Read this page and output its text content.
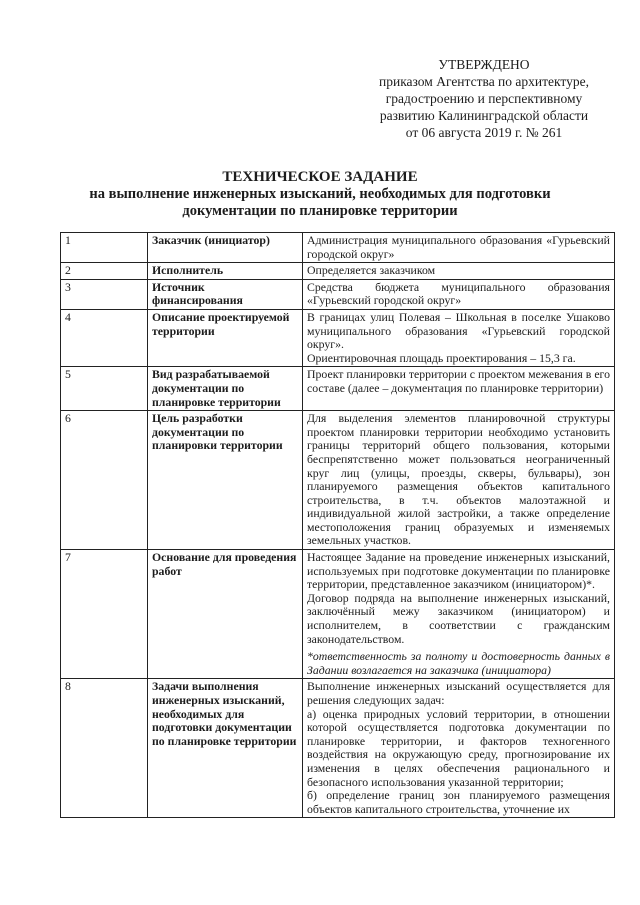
УТВЕРЖДЕНО
приказом Агентства по архитектуре,
градостроению и перспективному
развитию Калининградской области
от 06 августа 2019 г. № 261
ТЕХНИЧЕСКОЕ ЗАДАНИЕ
на выполнение инженерных изысканий, необходимых для подготовки
документации по планировке территории
1	Заказчик (инициатор)	Администрация муниципального образования «Гурьевский городской округ»

2	Исполнитель	Определяется заказчиком

3	Источник финансирования	Средства бюджета муниципального образования «Гурьевский городской округ»

4	Описание проектируемой территории	В границах улиц Полевая – Школьная в поселке Ушаково муниципального образования «Гурьевский городской округ».

Ориентировочная площадь проектирования – 15,3 га.

5	Вид разрабатываемой документации по планировке территории	Проект планировки территории с проектом межевания в его составе (далее – документация по планировке территории)

6	Цель разработки документации по планировки территории	Для выделения элементов планировочной структуры проектом планировки территории необходимо установить границы территорий общего пользования, которыми беспрепятственно может пользоваться неограниченный круг лиц (улицы, проезды, скверы, бульвары), зон планируемого размещения объектов капитального строительства, в т.ч. объектов малоэтажной и индивидуальной жилой застройки, а также определение местоположения границ образуемых и изменяемых земельных участков.

7	Основание для проведения работ	Настоящее Задание на проведение инженерных изысканий, используемых при подготовке документации по планировке территории, представленное заказчиком (инициатором)*.

Договор подряда на выполнение инженерных изысканий, заключённый межу заказчиком (инициатором) и исполнителем, в соответствии с гражданским законодательством.

*ответственность за полноту и достоверность данных в Задании возлагается на заказчика (инициатора)

8	Задачи выполнения инженерных изысканий, необходимых для подготовки документации по планировке территории	Выполнение инженерных изысканий осуществляется для решения следующих задач:

а) оценка природных условий территории, в отношении которой осуществляется подготовка документации по планировке территории, и факторов техногенного воздействия на окружающую среду, прогнозирование их изменения в целях обеспечения рационального и безопасного использования указанной территории;

б) определение границ зон планируемого размещения объектов капитального строительства, уточнение их
